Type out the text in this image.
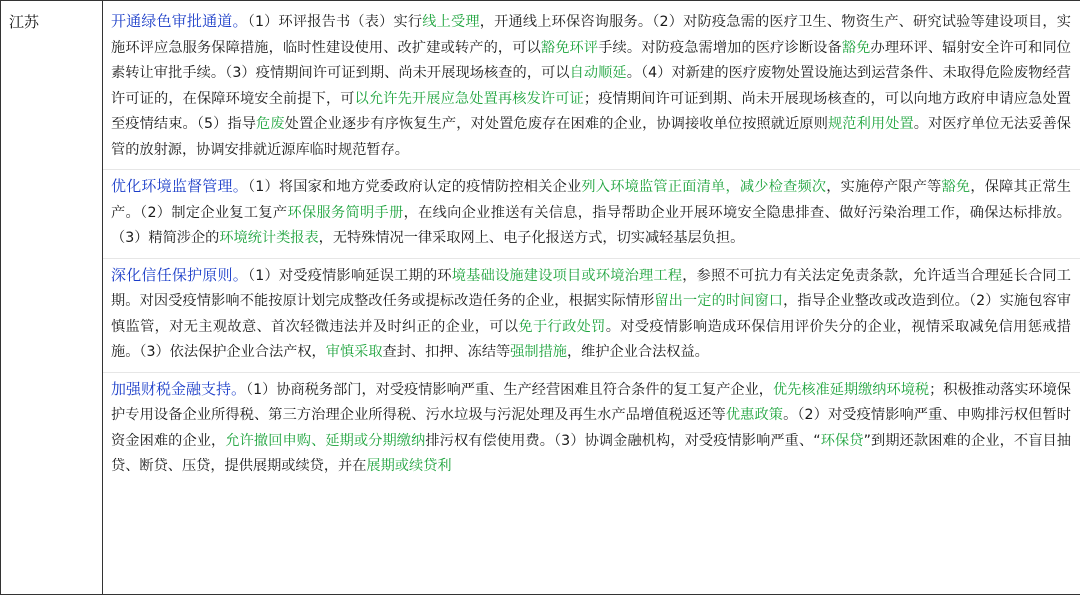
江苏	开通绿色审批通道。（1）环评报告书（表）实行线上受理，开通线上环保咨询服务。（2）对防疫急需的医疗卫生、物资生产、研究试验等建设项目，实施环评应急服务保障措施，临时性建设使用、改扩建或转产的，可以豁免环评手续。对防疫急需增加的医疗诊断设备豁免办理环评、辐射安全许可和同位素转让审批手续。（3）疫情期间许可证到期、尚未开展现场核查的，可以自动顺延。（4）对新建的医疗废物处置设施达到运营条件、未取得危险废物经营许可证的，在保障环境安全前提下，可以允许先开展应急处置再核发许可证；疫情期间许可证到期、尚未开展现场核查的，可以向地方政府申请应急处置至疫情结束。（5）指导危废处置企业逐步有序恢复生产，对处置危废存在困难的企业，协调接收单位按照就近原则规范利用处置。对医疗单位无法妥善保管的放射源，协调安排就近源库临时规范暂存。
优化环境监督管理。（1）将国家和地方党委政府认定的疫情防控相关企业列入环境监管正面清单，减少检查频次，实施停产限产等豁免，保障其正常生产。（2）制定企业复工复产环保服务简明手册，在线向企业推送有关信息，指导帮助企业开展环境安全隐患排查、做好污染治理工作，确保达标排放。（3）精简涉企的环境统计类报表，无特殊情况一律采取网上、电子化报送方式，切实减轻基层负担。
深化信任保护原则。（1）对受疫情影响延误工期的环境基础设施建设项目或环境治理工程，参照不可抗力有关法定免责条款，允许适当合理延长合同工期。对因受疫情影响不能按原计划完成整改任务或提标改造任务的企业，根据实际情形留出一定的时间窗口，指导企业整改或改造到位。（2）实施包容审慎监管，对无主观故意、首次轻微违法并及时纠正的企业，可以免于行政处罚。对受疫情影响造成环保信用评价失分的企业，视情采取减免信用惩戒措施。（3）依法保护企业合法产权，审慎采取查封、扣押、冻结等强制措施，维护企业合法权益。
加强财税金融支持。（1）协商税务部门，对受疫情影响严重、生产经营困难且符合条件的复工复产企业，优先核准延期缴纳环境税；积极推动落实环境保护专用设备企业所得税、第三方治理企业所得税、污水垃圾与污泥处理及再生水产品增值税返还等优惠政策。（2）对受疫情影响严重、申购排污权但暂时资金困难的企业，允许撤回申购、延期或分期缴纳排污权有偿使用费。（3）协调金融机构，对受疫情影响严重、“环保贷”到期还款困难的企业，不盲目抽贷、断贷、压贷，提供展期或续贷，并在展期或续贷利
